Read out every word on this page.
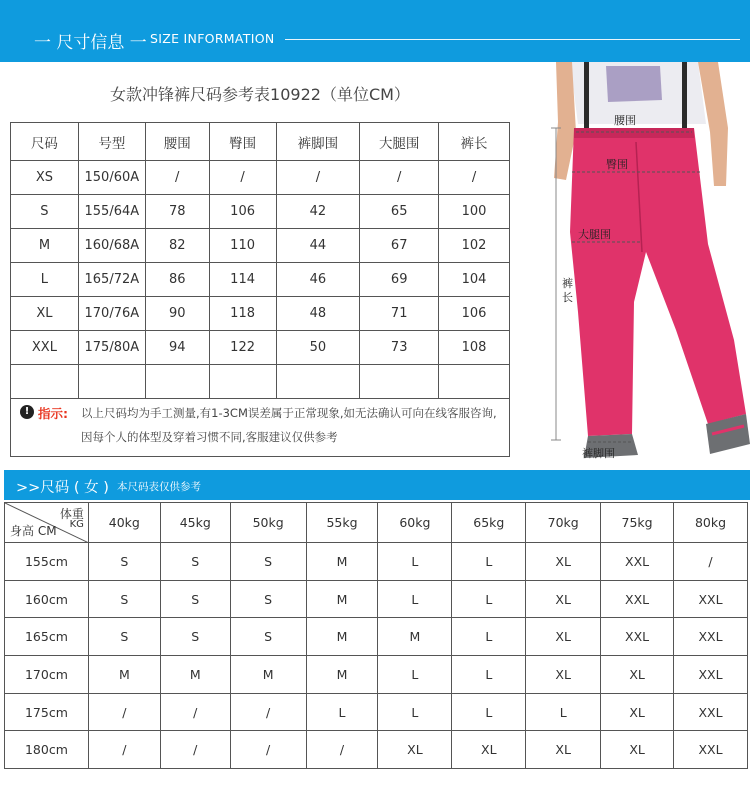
一 尺寸信息 一 SIZE INFORMATION
女款冲锋裤尺码参考表10922（单位CM）
尺码	号型	腰围	臀围	裤脚围	大腿围	裤长
XS	150/60A	/	/	/	/	/
S	155/64A	78	106	42	65	100
M	160/68A	82	110	44	67	102
L	165/72A	86	114	46	69	104
XL	170/76A	90	118	48	71	106
XXL	175/80A	94	122	50	73	108

! 指示: 以上尺码均为手工测量,有1-3CM误差属于正常现象,如无法确认可向在线客服咨询,
因每个人的体型及穿着习惯不同,客服建议仅供参考
腰围
臀围
大腿围
裤
长
裤脚围
>>尺码 ( 女 ) 本尺码表仅供参考
体重
KG
身高 CM	40kg	45kg	50kg	55kg	60kg	65kg	70kg	75kg	80kg
155cm	S	S	S	M	L	L	XL	XXL	/
160cm	S	S	S	M	L	L	XL	XXL	XXL
165cm	S	S	S	M	M	L	XL	XXL	XXL
170cm	M	M	M	M	L	L	XL	XL	XXL
175cm	/	/	/	L	L	L	L	XL	XXL
180cm	/	/	/	/	XL	XL	XL	XL	XXL
